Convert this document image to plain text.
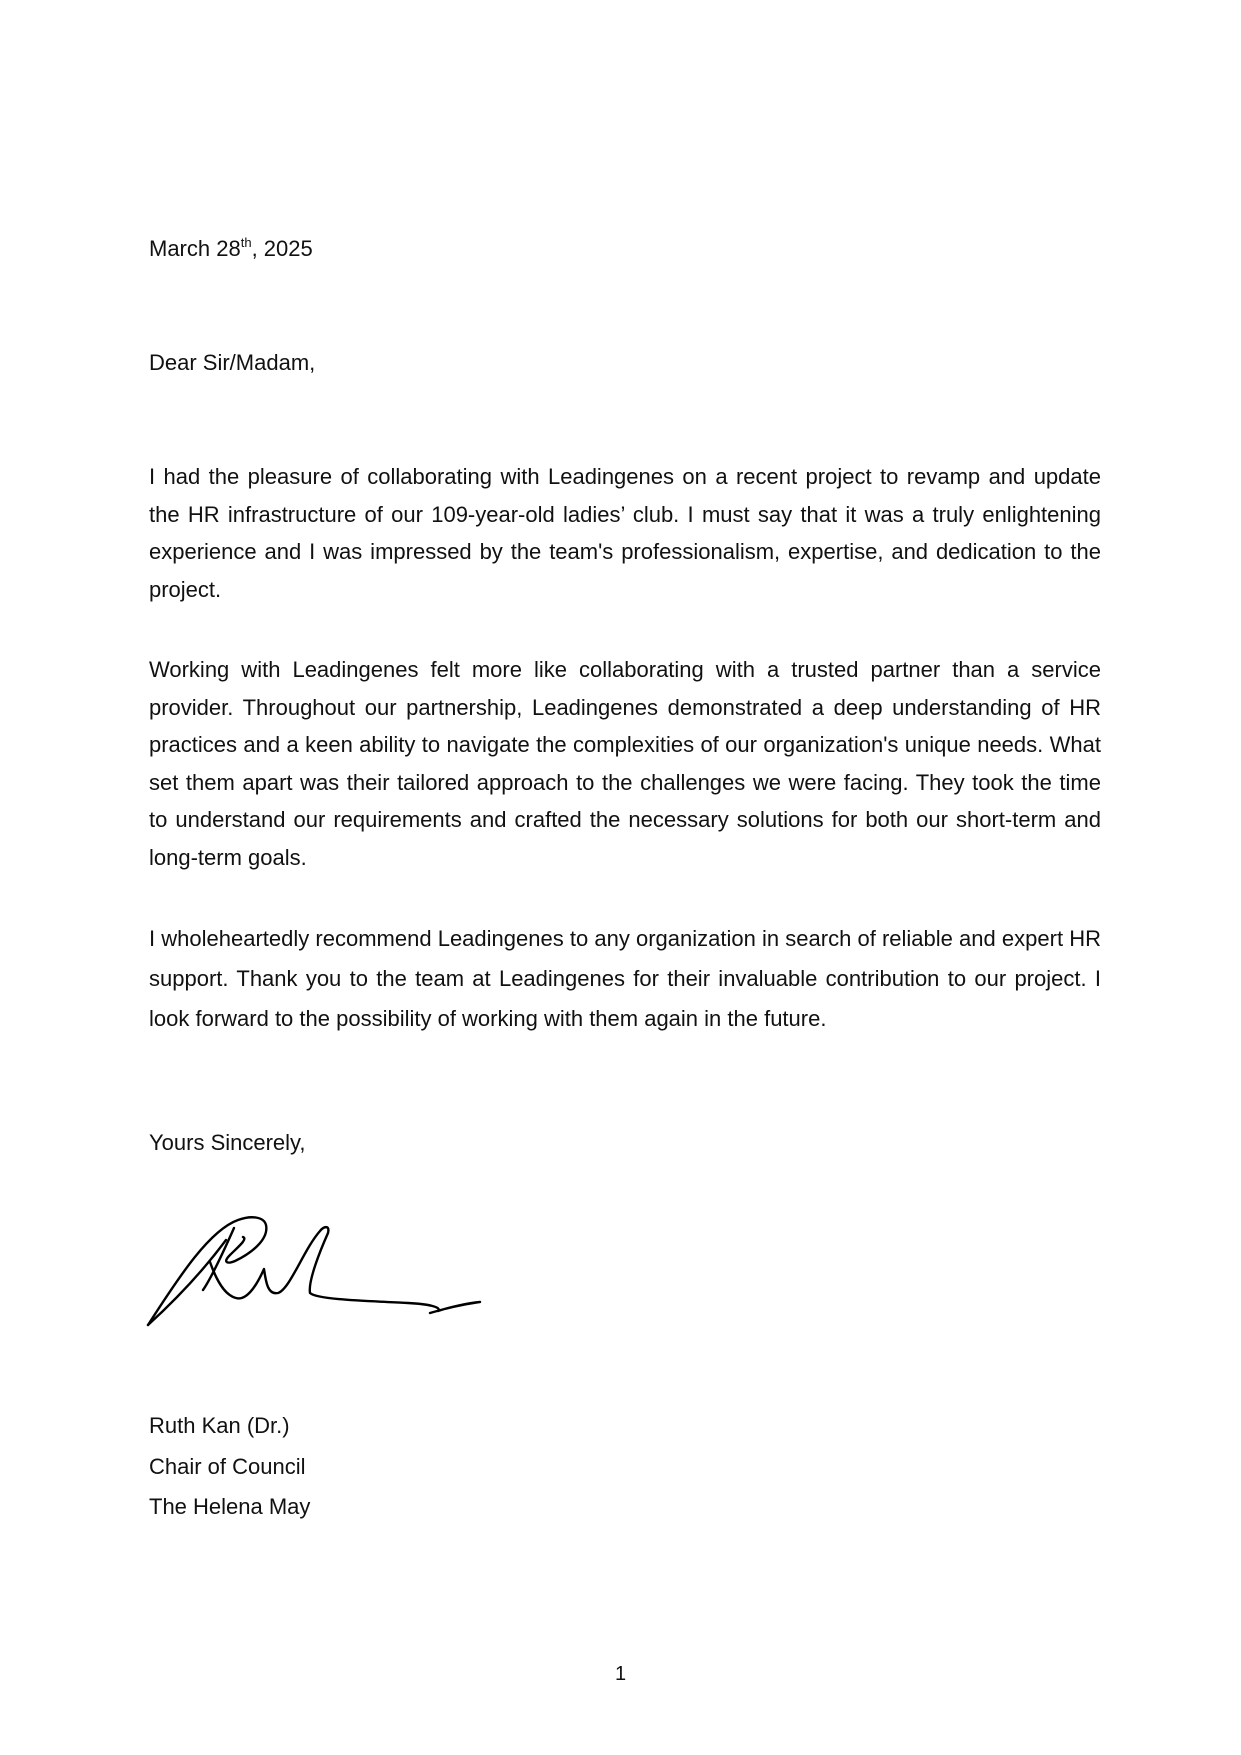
March 28th, 2025

Dear Sir/Madam,

I had the pleasure of collaborating with Leadingenes on a recent project to revamp and update the HR infrastructure of our 109-year-old ladies’ club. I must say that it was a truly enlightening experience and I was impressed by the team's professionalism, expertise, and dedication to the project.

Working with Leadingenes felt more like collaborating with a trusted partner than a service provider. Throughout our partnership, Leadingenes demonstrated a deep understanding of HR practices and a keen ability to navigate the complexities of our organization's unique needs. What set them apart was their tailored approach to the challenges we were facing. They took the time to understand our requirements and crafted the necessary solutions for both our short-term and long-term goals.

I wholeheartedly recommend Leadingenes to any organization in search of reliable and expert HR support. Thank you to the team at Leadingenes for their invaluable contribution to our project. I look forward to the possibility of working with them again in the future.

Yours Sincerely,

Ruth Kan (Dr.)
Chair of Council
The Helena May
1
